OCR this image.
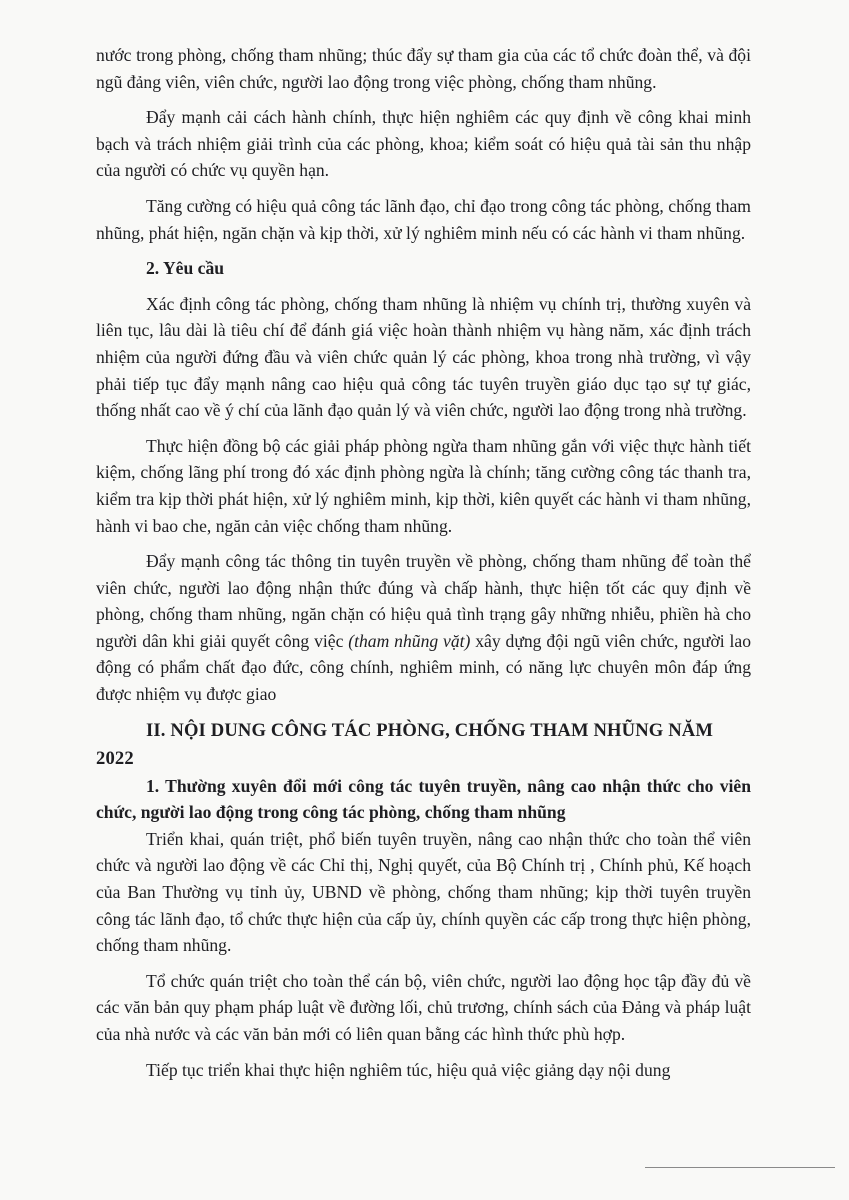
nước trong phòng, chống tham nhũng; thúc đẩy sự tham gia của các tổ chức đoàn thể, và đội ngũ đảng viên, viên chức, người lao động trong việc phòng, chống tham nhũng.

Đẩy mạnh cải cách hành chính, thực hiện nghiêm các quy định về công khai minh bạch và trách nhiệm giải trình của các phòng, khoa; kiểm soát có hiệu quả tài sản thu nhập của người có chức vụ quyền hạn.

Tăng cường có hiệu quả công tác lãnh đạo, chỉ đạo trong công tác phòng, chống tham nhũng, phát hiện, ngăn chặn và kịp thời, xử lý nghiêm minh nếu có các hành vi tham nhũng.

2. Yêu cầu

Xác định công tác phòng, chống tham nhũng là nhiệm vụ chính trị, thường xuyên và liên tục, lâu dài là tiêu chí để đánh giá việc hoàn thành nhiệm vụ hàng năm, xác định trách nhiệm của người đứng đầu và viên chức quản lý các phòng, khoa trong nhà trường, vì vậy phải tiếp tục đẩy mạnh nâng cao hiệu quả công tác tuyên truyền giáo dục tạo sự tự giác, thống nhất cao về ý chí của lãnh đạo quản lý và viên chức, người lao động trong nhà trường.

Thực hiện đồng bộ các giải pháp phòng ngừa tham nhũng gắn với việc thực hành tiết kiệm, chống lãng phí trong đó xác định phòng ngừa là chính; tăng cường công tác thanh tra, kiểm tra kịp thời phát hiện, xử lý nghiêm minh, kịp thời, kiên quyết các hành vi tham nhũng, hành vi bao che, ngăn cản việc chống tham nhũng.

Đẩy mạnh công tác thông tin tuyên truyền về phòng, chống tham nhũng để toàn thể viên chức, người lao động nhận thức đúng và chấp hành, thực hiện tốt các quy định về phòng, chống tham nhũng, ngăn chặn có hiệu quả tình trạng gây những nhiễu, phiền hà cho người dân khi giải quyết công việc (tham nhũng vặt) xây dựng đội ngũ viên chức, người lao động có phẩm chất đạo đức, công chính, nghiêm minh, có năng lực chuyên môn đáp ứng được nhiệm vụ được giao

II. NỘI DUNG CÔNG TÁC PHÒNG, CHỐNG THAM NHŨNG NĂM 2022
1. Thường xuyên đổi mới công tác tuyên truyền, nâng cao nhận thức cho viên chức, người lao động trong công tác phòng, chống tham nhũng

Triển khai, quán triệt, phổ biến tuyên truyền, nâng cao nhận thức cho toàn thể viên chức và người lao động về các Chỉ thị, Nghị quyết, của Bộ Chính trị , Chính phủ, Kế hoạch của Ban Thường vụ tỉnh ủy, UBND về phòng, chống tham nhũng; kịp thời tuyên truyền công tác lãnh đạo, tổ chức thực hiện của cấp ủy, chính quyền các cấp trong thực hiện phòng, chống tham nhũng.

Tổ chức quán triệt cho toàn thể cán bộ, viên chức, người lao động học tập đầy đủ về các văn bản quy phạm pháp luật về đường lối, chủ trương, chính sách của Đảng và pháp luật của nhà nước và các văn bản mới có liên quan bằng các hình thức phù hợp.

Tiếp tục triển khai thực hiện nghiêm túc, hiệu quả việc giảng dạy nội dung
